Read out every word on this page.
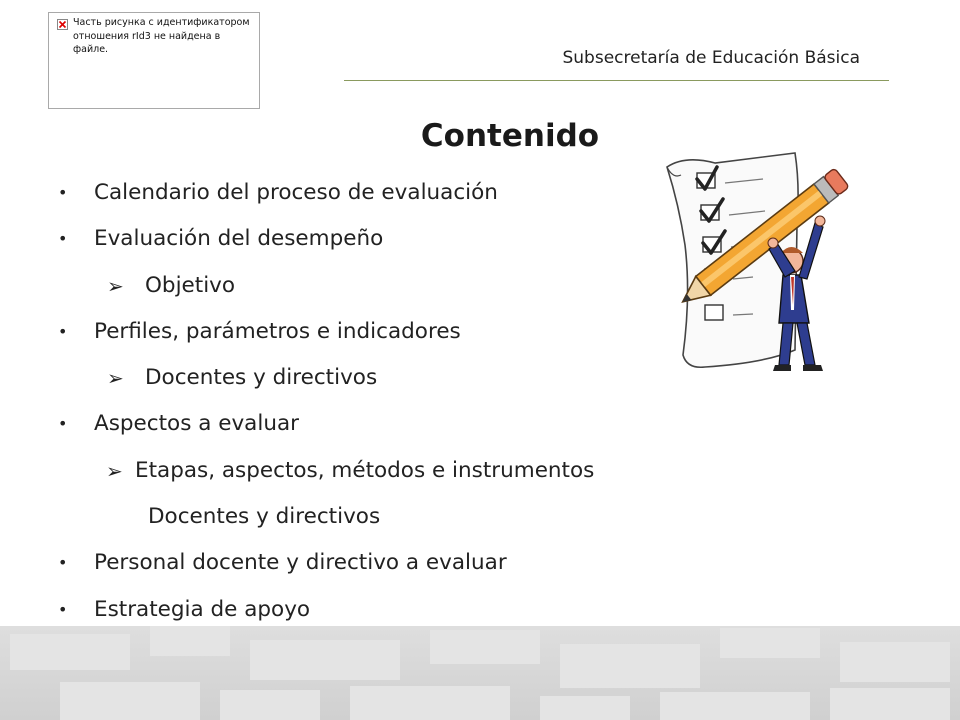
Часть рисунка с идентификатором отношения rId3 не найдена в файле.	Subsecretaría de Educación Básica
Contenido
• Calendario del proceso de evaluación
• Evaluación del desempeño
➢ Objetivo
• Perfiles, parámetros e indicadores
➢ Docentes y directivos
• Aspectos a evaluar
➢ Etapas, aspectos, métodos e instrumentos
Docentes y directivos
• Personal docente y directivo a evaluar
• Estrategia de apoyo
